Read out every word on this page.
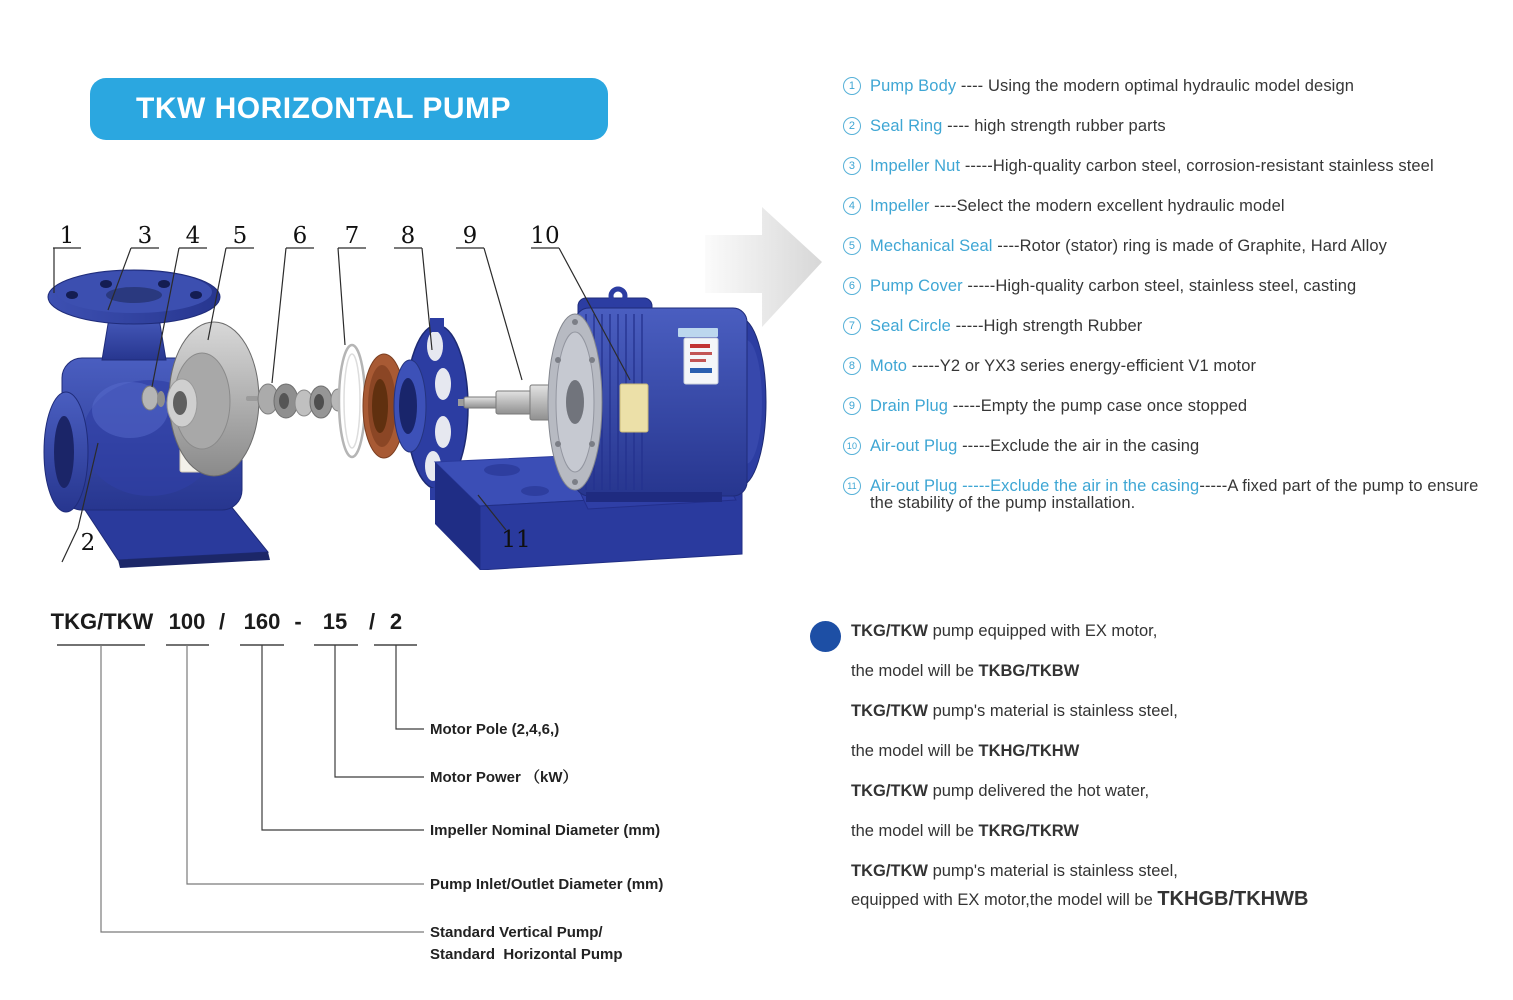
TKW HORIZONTAL PUMP
1	3 4 5 6 7 8 9 10
2	11
1 Pump Body ---- Using the modern optimal hydraulic model design
2 Seal Ring ---- high strength rubber parts
3 Impeller Nut -----High-quality carbon steel, corrosion-resistant stainless steel
4 Impeller ----Select the modern excellent hydraulic model
5 Mechanical Seal ----Rotor (stator) ring is made of Graphite, Hard Alloy
6 Pump Cover -----High-quality carbon steel, stainless steel, casting
7 Seal Circle -----High strength Rubber
8 Moto -----Y2 or YX3 series energy-efficient V1 motor
9 Drain Plug -----Empty the pump case once stopped
10 Air-out Plug -----Exclude the air in the casing
11 Air-out Plug -----Exclude the air in the casing-----A fixed part of the pump to ensure the stability of the pump installation.
TKG/TKW 100 / 160 - 15 / 2
Motor Pole (2,4,6,)
Motor Power （kW）
Impeller Nominal Diameter (mm)
Pump Inlet/Outlet Diameter (mm)
Standard Vertical Pump/
Standard  Horizontal Pump

TKG/TKW pump equipped with EX motor,

the model will be TKBG/TKBW

TKG/TKW pump's material is stainless steel,

the model will be TKHG/TKHW

TKG/TKW pump delivered the hot water,

the model will be TKRG/TKRW

TKG/TKW pump's material is stainless steel,

equipped with EX motor,the model will be TKHGB/TKHWB
